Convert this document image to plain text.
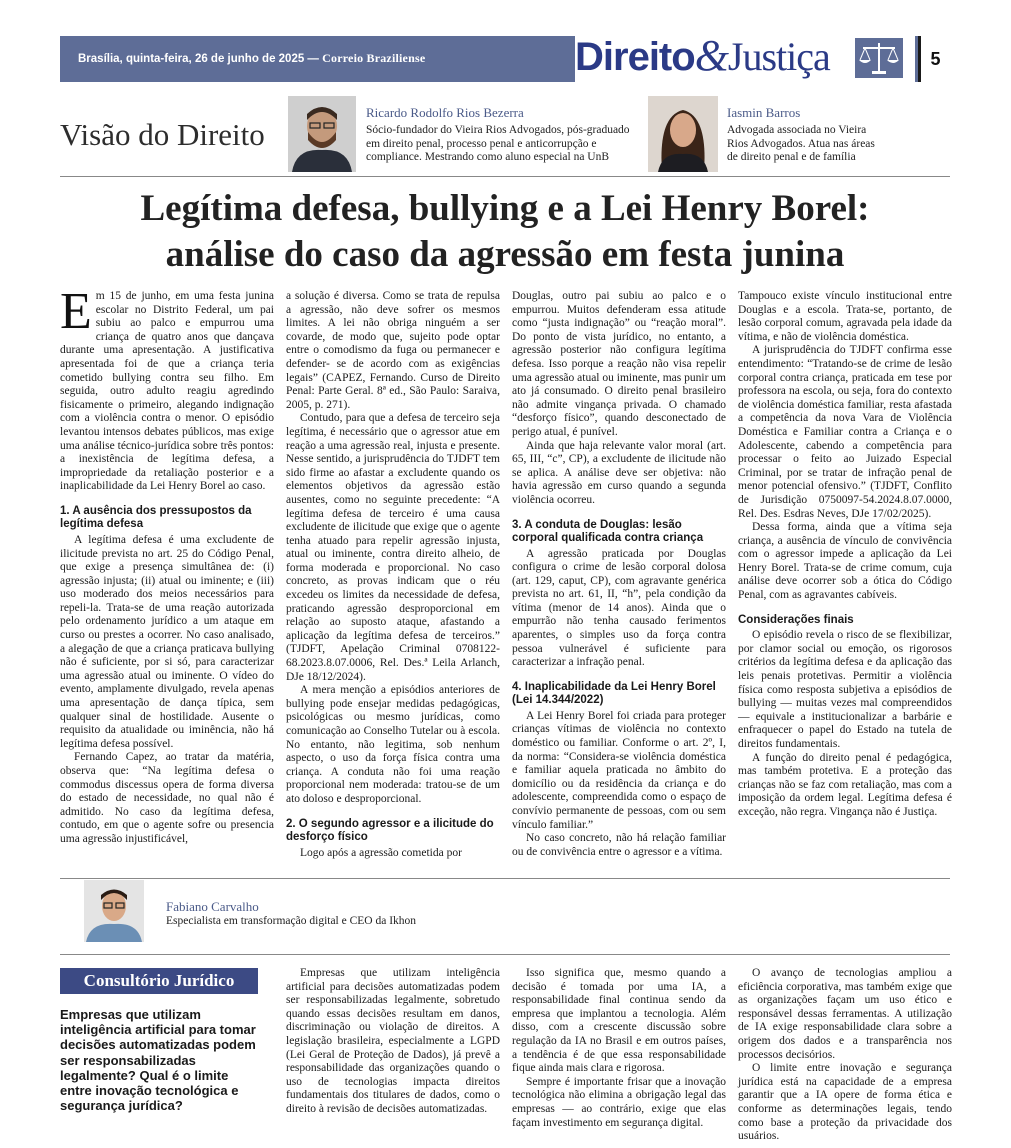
Brasília, quinta-feira, 26 de junho de 2025 — Correio Braziliense	Direito&Justiça	5
Visão do Direito
Ricardo Rodolfo Rios Bezerra
Sócio-fundador do Vieira Rios Advogados, pós-graduado em direito penal, processo penal e anticorrupção e compliance. Mestrando como aluno especial na UnB
Iasmin Barros
Advogada associada no Vieira Rios Advogados. Atua nas áreas de direito penal e de família
Legítima defesa, bullying e a Lei Henry Borel:
análise do caso da agressão em festa junina

Em 15 de junho, em uma festa junina escolar no Distrito Federal, um pai subiu ao palco e empurrou uma criança de quatro anos que dançava durante uma apresentação. A justificativa apresentada foi de que a criança teria cometido bullying contra seu filho. Em seguida, outro adulto reagiu agredindo fisicamente o primeiro, alegando indignação com a violência contra o menor. O episódio levantou intensos debates públicos, mas exige uma análise técnico-jurídica sobre três pontos: a inexistência de legítima defesa, a impropriedade da retaliação posterior e a inaplicabilidade da Lei Henry Borel ao caso.

1. A ausência dos pressupostos da legítima defesa

A legítima defesa é uma excludente de ilicitude prevista no art. 25 do Código Penal, que exige a presença simultânea de: (i) agressão injusta; (ii) atual ou iminente; e (iii) uso moderado dos meios necessários para repeli-la. Trata-se de uma reação autorizada pelo ordenamento jurídico a um ataque em curso ou prestes a ocorrer. No caso analisado, a alegação de que a criança praticava bullying não é suficiente, por si só, para caracterizar uma agressão atual ou iminente. O vídeo do evento, amplamente divulgado, revela apenas uma apresentação de dança típica, sem qualquer sinal de hostilidade. Ausente o requisito da atualidade ou iminência, não há legítima defesa possível.

Fernando Capez, ao tratar da matéria, observa que: “Na legítima defesa o commodus discessus opera de forma diversa do estado de necessidade, no qual não é admitido. No caso da legítima defesa, contudo, em que o agente sofre ou presencia uma agressão injustificável,

a solução é diversa. Como se trata de repulsa a agressão, não deve sofrer os mesmos limites. A lei não obriga ninguém a ser covarde, de modo que, sujeito pode optar entre o comodismo da fuga ou permanecer e defender- se de acordo com as exigências legais” (CAPEZ, Fernando. Curso de Direito Penal: Parte Geral. 8ª ed., São Paulo: Saraiva, 2005, p. 271).

Contudo, para que a defesa de terceiro seja legítima, é necessário que o agressor atue em reação a uma agressão real, injusta e presente. Nesse sentido, a jurisprudência do TJDFT tem sido firme ao afastar a excludente quando os elementos objetivos da agressão estão ausentes, como no seguinte precedente: “A legítima defesa de terceiro é uma causa excludente de ilicitude que exige que o agente tenha atuado para repelir agressão injusta, atual ou iminente, contra direito alheio, de forma moderada e proporcional. No caso concreto, as provas indicam que o réu excedeu os limites da necessidade de defesa, praticando agressão desproporcional em relação ao suposto ataque, afastando a aplicação da legítima defesa de terceiros.” (TJDFT, Apelação Criminal 0708122-68.2023.8.07.0006, Rel. Des.ª Leila Arlanch, DJe 18/12/2024).

A mera menção a episódios anteriores de bullying pode ensejar medidas pedagógicas, psicológicas ou mesmo jurídicas, como comunicação ao Conselho Tutelar ou à escola. No entanto, não legitima, sob nenhum aspecto, o uso da força física contra uma criança. A conduta não foi uma reação proporcional nem moderada: tratou-se de um ato doloso e desproporcional.

2. O segundo agressor e a ilicitude do desforço físico

Logo após a agressão cometida por

Douglas, outro pai subiu ao palco e o empurrou. Muitos defenderam essa atitude como “justa indignação” ou “reação moral”. Do ponto de vista jurídico, no entanto, a agressão posterior não configura legítima defesa. Isso porque a reação não visa repelir uma agressão atual ou iminente, mas punir um ato já consumado. O direito penal brasileiro não admite vingança privada. O chamado “desforço físico”, quando desconectado de perigo atual, é punível.

Ainda que haja relevante valor moral (art. 65, III, “c”, CP), a excludente de ilicitude não se aplica. A análise deve ser objetiva: não havia agressão em curso quando a segunda violência ocorreu.

3. A conduta de Douglas: lesão corporal qualificada contra criança

A agressão praticada por Douglas configura o crime de lesão corporal dolosa (art. 129, caput, CP), com agravante genérica prevista no art. 61, II, “h”, pela condição da vítima (menor de 14 anos). Ainda que o empurrão não tenha causado ferimentos aparentes, o simples uso da força contra pessoa vulnerável é suficiente para caracterizar a infração penal.

4. Inaplicabilidade da Lei Henry Borel (Lei 14.344/2022)

A Lei Henry Borel foi criada para proteger crianças vítimas de violência no contexto doméstico ou familiar. Conforme o art. 2º, I, da norma: “Considera-se violência doméstica e familiar aquela praticada no âmbito do domicílio ou da residência da criança e do adolescente, compreendida como o espaço de convívio permanente de pessoas, com ou sem vínculo familiar.”

No caso concreto, não há relação familiar ou de convivência entre o agressor e a vítima.

Tampouco existe vínculo institucional entre Douglas e a escola. Trata-se, portanto, de lesão corporal comum, agravada pela idade da vítima, e não de violência doméstica.

A jurisprudência do TJDFT confirma esse entendimento: “Tratando-se de crime de lesão corporal contra criança, praticada em tese por professora na escola, ou seja, fora do contexto de violência doméstica familiar, resta afastada a competência da nova Vara de Violência Doméstica e Familiar contra a Criança e o Adolescente, cabendo a competência para processar o feito ao Juizado Especial Criminal, por se tratar de infração penal de menor potencial ofensivo.” (TJDFT, Conflito de Jurisdição 0750097-54.2024.8.07.0000, Rel. Des. Esdras Neves, DJe 17/02/2025).

Dessa forma, ainda que a vítima seja criança, a ausência de vínculo de convivência com o agressor impede a aplicação da Lei Henry Borel. Trata-se de crime comum, cuja análise deve ocorrer sob a ótica do Código Penal, com as agravantes cabíveis.

Considerações finais

O episódio revela o risco de se flexibilizar, por clamor social ou emoção, os rigorosos critérios da legítima defesa e da aplicação das leis penais protetivas. Permitir a violência física como resposta subjetiva a episódios de bullying — muitas vezes mal compreendidos — equivale a institucionalizar a barbárie e enfraquecer o papel do Estado na tutela de direitos fundamentais.

A função do direito penal é pedagógica, mas também protetiva. E a proteção das crianças não se faz com retaliação, mas com a imposição da ordem legal. Legítima defesa é exceção, não regra. Vingança não é Justiça.

Fabiano Carvalho
Especialista em transformação digital e CEO da Ikhon
Consultório Jurídico
Empresas que utilizam inteligência artificial para tomar decisões automatizadas podem ser responsabilizadas legalmente? Qual é o limite entre inovação tecnológica e segurança jurídica?

Empresas que utilizam inteligência artificial para decisões automatizadas podem ser responsabilizadas legalmente, sobretudo quando essas decisões resultam em danos, discriminação ou violação de direitos. A legislação brasileira, especialmente a LGPD (Lei Geral de Proteção de Dados), já prevê a responsabilidade das organizações quando o uso de tecnologias impacta direitos fundamentais dos titulares de dados, como o direito à revisão de decisões automatizadas.

Isso significa que, mesmo quando a decisão é tomada por uma IA, a responsabilidade final continua sendo da empresa que implantou a tecnologia. Além disso, com a crescente discussão sobre regulação da IA no Brasil e em outros países, a tendência é de que essa responsabilidade fique ainda mais clara e rigorosa.

Sempre é importante frisar que a inovação tecnológica não elimina a obrigação legal das empresas — ao contrário, exige que elas façam investimento em segurança digital.

O avanço de tecnologias ampliou a eficiência corporativa, mas também exige que as organizações façam um uso ético e responsável dessas ferramentas. A utilização de IA exige responsabilidade clara sobre a origem dos dados e a transparência nos processos decisórios.

O limite entre inovação e segurança jurídica está na capacidade de a empresa garantir que a IA opere de forma ética e conforme as determinações legais, tendo como base a proteção da privacidade dos usuários.
